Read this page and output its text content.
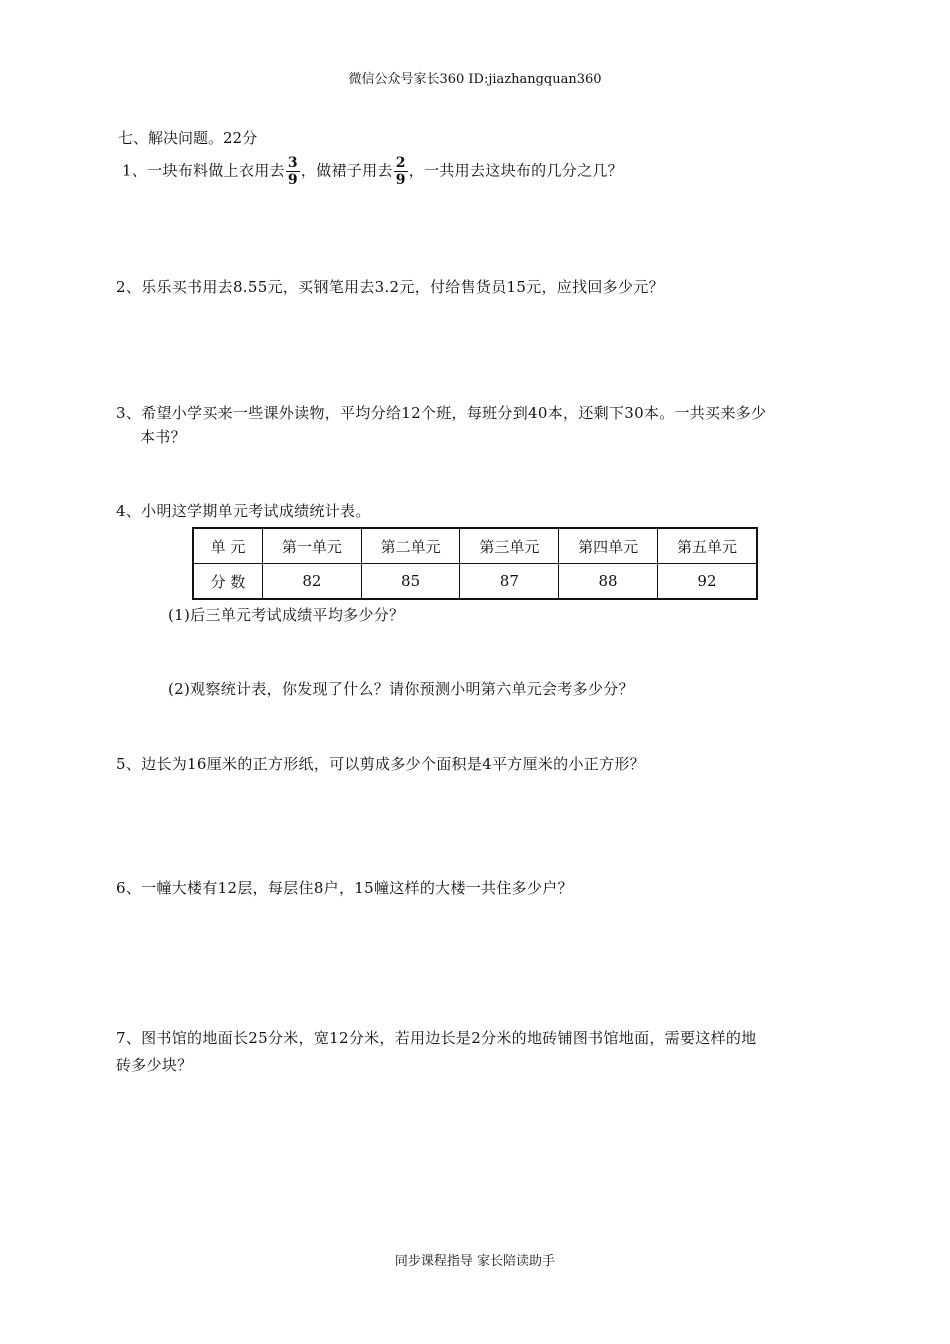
微信公众号家长360 ID:jiazhangquan360
七、解决问题。22分
1、一块布料做上衣用去 $\frac{3}{9}$ ，做裙子用去 $\frac{2}{9}$ ，一共用去这块布的几分之几？
2、乐乐买书用去8.55元，买钢笔用去3.2元，付给售货员15元，应找回多少元？
3、希望小学买来一些课外读物，平均分给12个班，每班分到40本，还剩下30本。一共买来多少
本书？
4、小明这学期单元考试成绩统计表。
单 元	第一单元	第二单元	第三单元	第四单元	第五单元
分 数	82	85	87	88	92
(1)后三单元考试成绩平均多少分？
(2)观察统计表，你发现了什么？请你预测小明第六单元会考多少分？
5、边长为16厘米的正方形纸，可以剪成多少个面积是4平方厘米的小正方形？
6、一幢大楼有12层，每层住8户，15幢这样的大楼一共住多少户？
7、图书馆的地面长25分米，宽12分米，若用边长是2分米的地砖铺图书馆地面，需要这样的地
砖多少块？
同步课程指导 家长陪读助手
